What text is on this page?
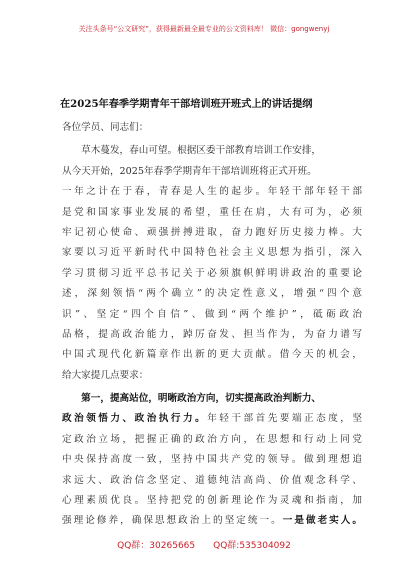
关注头条号“公文研究”，获得最新最全最专业的公文资料库！ 微信：gongwenyj
在2025年春季学期青年干部培训班开班式上的讲话提纲
各位学员、同志们：
　　草木蔓发，春山可望。根据区委干部教育培训工作安排，
从今天开始，2025年春季学期青年干部培训班将正式开班。
一年之计在于春，青春是人生的起步。年轻干部年轻干部
是党和国家事业发展的希望，重任在肩，大有可为，必须
牢记初心使命、顽强拼搏进取，奋力跑好历史接力棒。大
家要以习近平新时代中国特色社会主义思想为指引，深入
学习贯彻习近平总书记关于必须旗帜鲜明讲政治的重要论
述，深刻领悟“两个确立”的决定性意义，增强“四个意
识”、坚定“四个自信”、做到“两个维护”，砥砺政治
品格，提高政治能力，踔厉奋发、担当作为，为奋力谱写
中国式现代化新篇章作出新的更大贡献。借今天的机会，
给大家提几点要求：
　　第一，提高站位，明晰政治方向，切实提高政治判断力、
政治领悟力、政治执行力。年轻干部首先要端正态度，坚
定政治立场，把握正确的政治方向，在思想和行动上同党
中央保持高度一致，坚持中国共产党的领导。做到理想追
求远大、政治信念坚定、道德纯洁高尚、价值观念科学、
心理素质优良。坚持把党的创新理论作为灵魂和指南，加
强理论修养，确保思想政治上的坚定统一。一是做老实人。
QQ群：30265665　　QQ群:535304092
